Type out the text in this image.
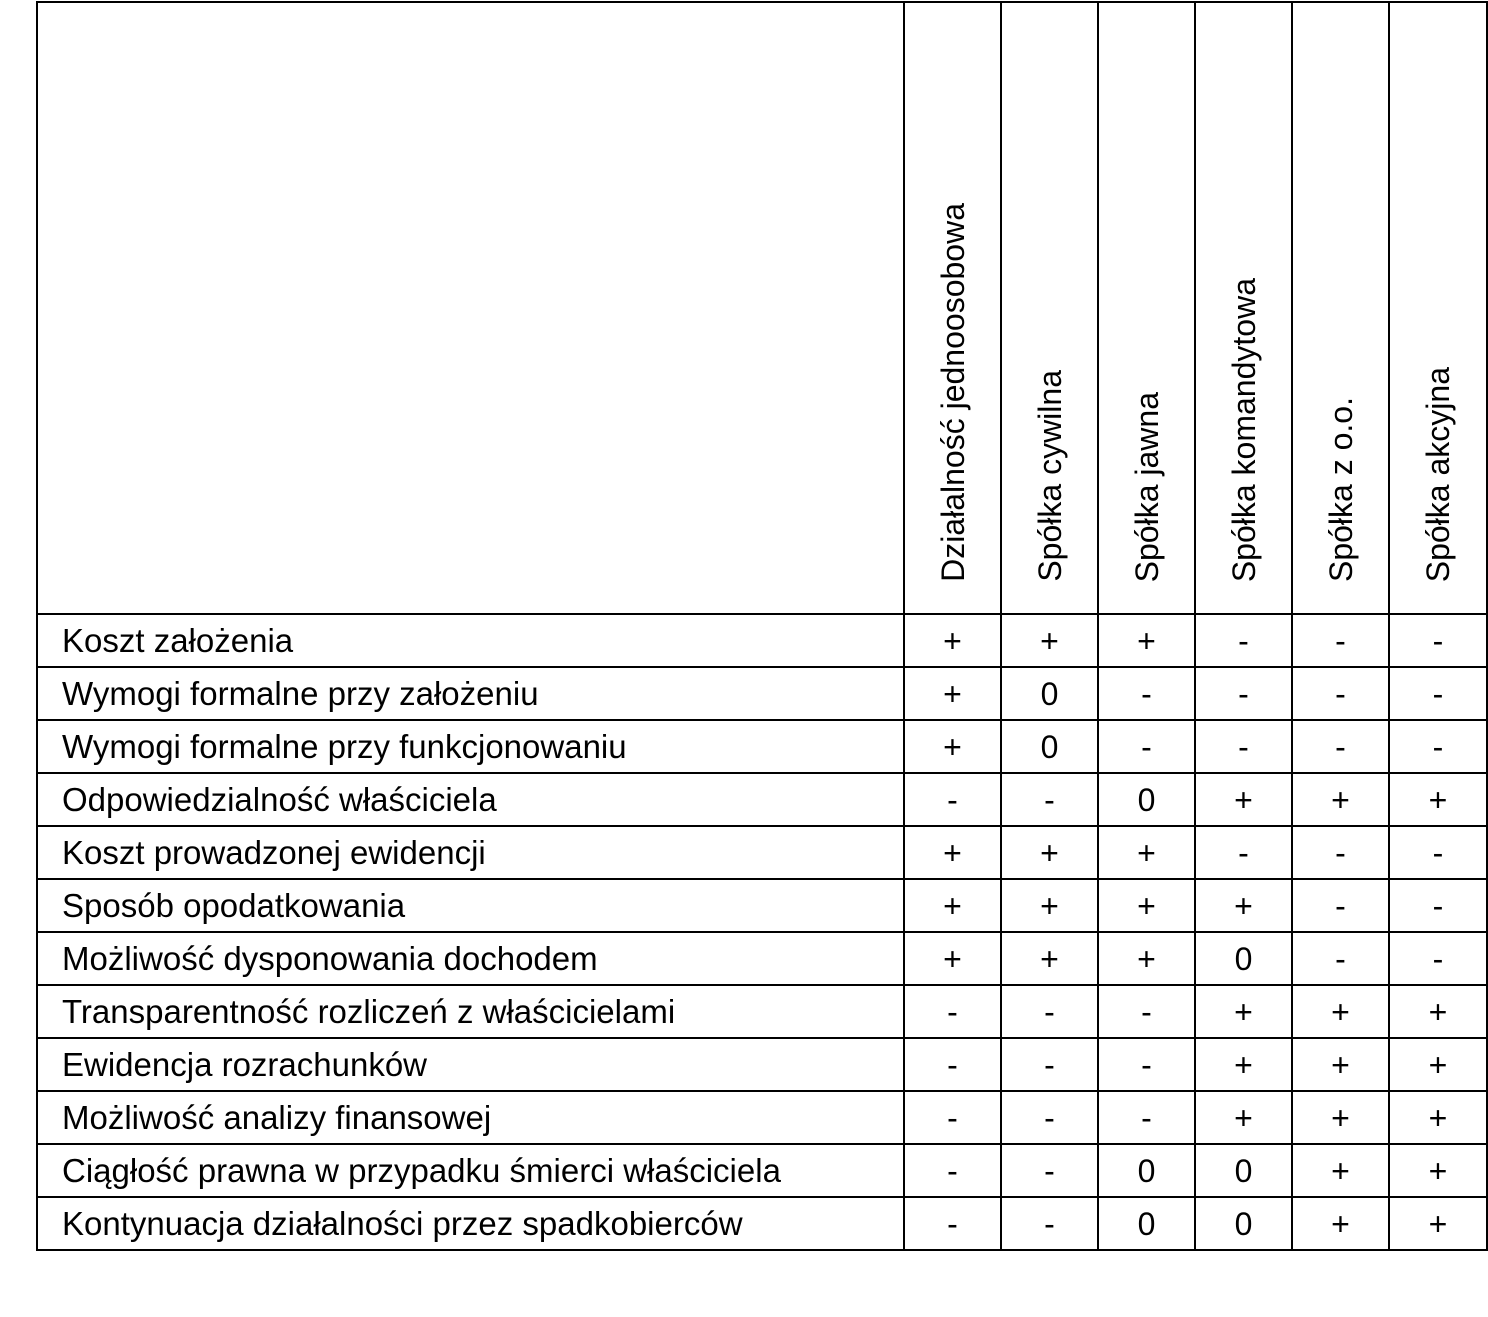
	Działalność jednoosobowa	Spółka cywilna	Spółka jawna	Spółka komandytowa	Spółka z o.o.	Spółka akcyjna
Koszt założenia	+	+	+	-	-	-
Wymogi formalne przy założeniu	+	0	-	-	-	-
Wymogi formalne przy funkcjonowaniu	+	0	-	-	-	-
Odpowiedzialność właściciela	-	-	0	+	+	+
Koszt prowadzonej ewidencji	+	+	+	-	-	-
Sposób opodatkowania	+	+	+	+	-	-
Możliwość dysponowania dochodem	+	+	+	0	-	-
Transparentność rozliczeń z właścicielami	-	-	-	+	+	+
Ewidencja rozrachunków	-	-	-	+	+	+
Możliwość analizy finansowej	-	-	-	+	+	+
Ciągłość prawna w przypadku śmierci właściciela	-	-	0	0	+	+
Kontynuacja działalności przez spadkobierców	-	-	0	0	+	+
